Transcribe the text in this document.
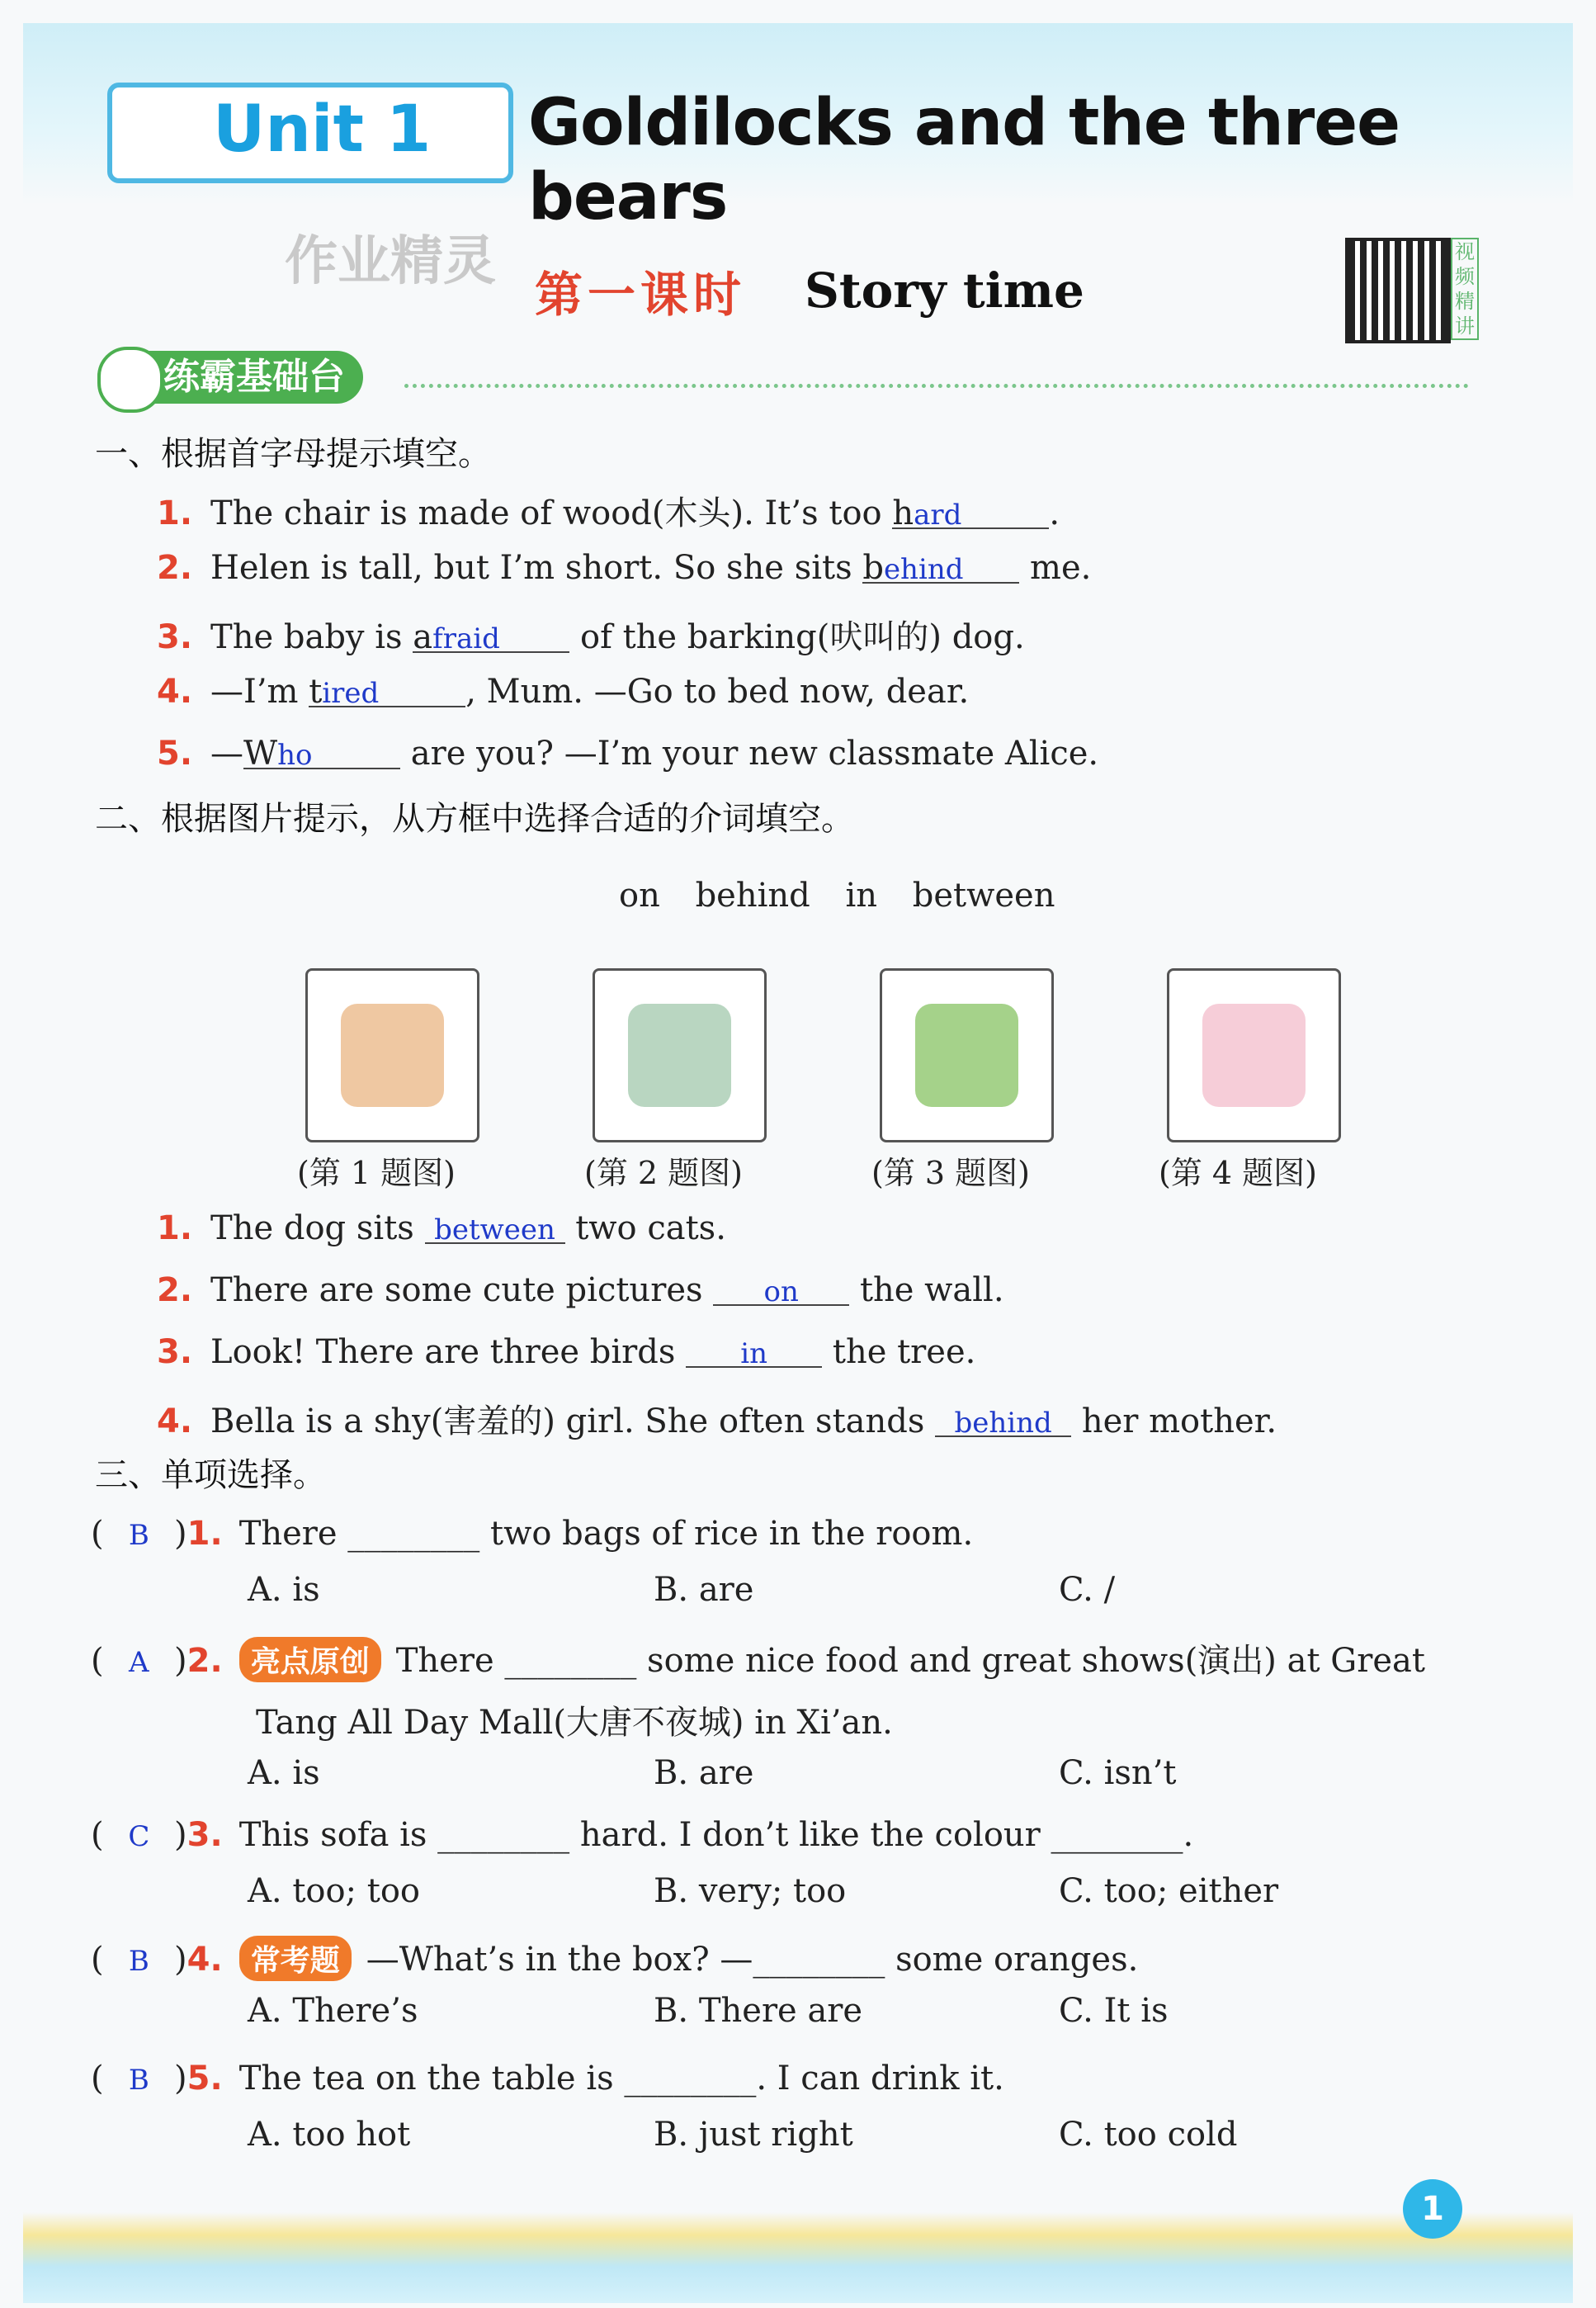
Unit 1 Goldilocks and the three bears
作业精灵
第一课时 Story time
视频精讲
练霸基础台
一、根据首字母提示填空。
1. The chair is made of wood(木头). It’s too hard	.
2. Helen is tall, but I’m short. So she sits behind me.
3. The baby is afraid of the barking(吠叫的) dog.
4. —I’m tired	, Mum. —Go to bed now, dear.
5. —Who	are you? —I’m your new classmate Alice.
二、根据图片提示，从方框中选择合适的介词填空。
on behind in between
(第 1 题图)	(第 2 题图)	(第 3 题图)	(第 4 题图)
1. The dog sits between two cats.
2. There are some cute pictures on the wall.
3. Look! There are three birds in the tree.
4. Bella is a shy(害羞的) girl. She often stands behind her mother.
三、单项选择。
( B )1. There ________ two bags of rice in the room.
A. is	B. are	C. /
( A )2. 亮点原创 There ________ some nice food and great shows(演出) at Great
Tang All Day Mall(大唐不夜城) in Xi’an.
A. is	B. are	C. isn’t
( C )3. This sofa is ________ hard. I don’t like the colour ________.
A. too; too	B. very; too	C. too; either
( B )4. 常考题 —What’s in the box? —________ some oranges.
A. There’s	B. There are	C. It is
( B )5. The tea on the table is ________. I can drink it.
A. too hot	B. just right	C. too cold
1
